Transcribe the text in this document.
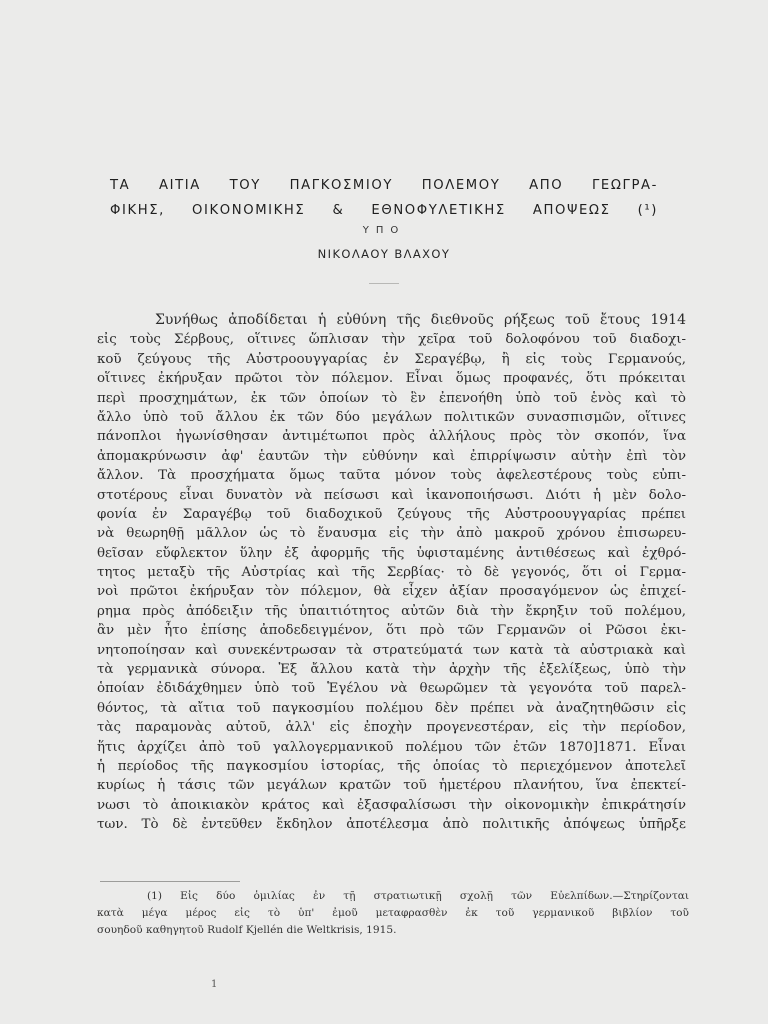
ΤΑ ΑΙΤΙΑ ΤΟΥ ΠΑΓΚΟΣΜΙΟΥ ΠΟΛΕΜΟΥ ΑΠΟ ΓΕΩΓΡΑ-
ΦΙΚΗΣ, ΟΙΚΟΝΟΜΙΚΗΣ & ΕΘΝΟΦΥΛΕΤΙΚΗΣ ΑΠΟΨΕΩΣ (¹)
ΥΠΟ
ΝΙΚΟΛΑΟΥ ΒΛΑΧΟΥ
Συνήθως ἀποδίδεται ἡ εὐθύνη τῆς διεθνοῦς ρήξεως τοῦ ἔτους 1914
εἰς τοὺς Σέρβους, οἵτινες ὥπλισαν τὴν χεῖρα τοῦ δολοφόνου τοῦ διαδοχι-
κοῦ ζεύγους τῆς Αὐστροουγγαρίας ἐν Σεραγέβῳ, ἢ εἰς τοὺς Γερμανούς,
οἵτινες ἐκήρυξαν πρῶτοι τὸν πόλεμον. Εἶναι ὅμως προφανές, ὅτι πρόκειται
περὶ προσχημάτων, ἐκ τῶν ὁποίων τὸ ἓν ἐπενοήθη ὑπὸ τοῦ ἑνὸς καὶ τὸ
ἄλλο ὑπὸ τοῦ ἄλλου ἐκ τῶν δύο μεγάλων πολιτικῶν συνασπισμῶν, οἵτινες
πάνοπλοι ἠγωνίσθησαν ἀντιμέτωποι πρὸς ἀλλήλους πρὸς τὸν σκοπόν, ἵνα
ἀπομακρύνωσιν ἀφ' ἑαυτῶν τὴν εὐθύνην καὶ ἐπιρρίψωσιν αὐτὴν ἐπὶ τὸν
ἄλλον. Τὰ προσχήματα ὅμως ταῦτα μόνον τοὺς ἀφελεστέρους τοὺς εὐπι-
στοτέρους εἶναι δυνατὸν νὰ πείσωσι καὶ ἱκανοποιήσωσι. Διότι ἡ μὲν δολο-
φονία ἐν Σαραγέβῳ τοῦ διαδοχικοῦ ζεύγους τῆς Αὐστροουγγαρίας πρέπει
νὰ θεωρηθῇ μᾶλλον ὡς τὸ ἔναυσμα εἰς τὴν ἀπὸ μακροῦ χρόνου ἐπισωρευ-
θεῖσαν εὔφλεκτον ὕλην ἐξ ἀφορμῆς τῆς ὑφισταμένης ἀντιθέσεως καὶ ἐχθρό-
τητος μεταξὺ τῆς Αὐστρίας καὶ τῆς Σερβίας· τὸ δὲ γεγονός, ὅτι οἱ Γερμα-
νοὶ πρῶτοι ἐκήρυξαν τὸν πόλεμον, θὰ εἶχεν ἀξίαν προσαγόμενον ὡς ἐπιχεί-
ρημα πρὸς ἀπόδειξιν τῆς ὑπαιτιότητος αὐτῶν διὰ τὴν ἔκρηξιν τοῦ πολέμου,
ἂν μὲν ἦτο ἐπίσης ἀποδεδειγμένον, ὅτι πρὸ τῶν Γερμανῶν οἱ Ρῶσοι ἐκι-
νητοποίησαν καὶ συνεκέντρωσαν τὰ στρατεύματά των κατὰ τὰ αὐστριακὰ καὶ
τὰ γερμανικὰ σύνορα. Ἐξ ἄλλου κατὰ τὴν ἀρχὴν τῆς ἐξελίξεως, ὑπὸ τὴν
ὁποίαν ἐδιδάχθημεν ὑπὸ τοῦ Ἑγέλου νὰ θεωρῶμεν τὰ γεγονότα τοῦ παρελ-
θόντος, τὰ αἴτια τοῦ παγκοσμίου πολέμου δὲν πρέπει νὰ ἀναζητηθῶσιν εἰς
τὰς παραμονὰς αὐτοῦ, ἀλλ' εἰς ἐποχὴν προγενεστέραν, εἰς τὴν περίοδον,
ἥτις ἀρχίζει ἀπὸ τοῦ γαλλογερμανικοῦ πολέμου τῶν ἐτῶν 1870]1871. Εἶναι
ἡ περίοδος τῆς παγκοσμίου ἱστορίας, τῆς ὁποίας τὸ περιεχόμενον ἀποτελεῖ
κυρίως ἡ τάσις τῶν μεγάλων κρατῶν τοῦ ἡμετέρου πλανήτου, ἵνα ἐπεκτεί-
νωσι τὸ ἀποικιακὸν κράτος καὶ ἐξασφαλίσωσι τὴν οἰκονομικὴν ἐπικράτησίν
των. Τὸ δὲ ἐντεῦθεν ἔκδηλον ἀποτέλεσμα ἀπὸ πολιτικῆς ἀπόψεως ὑπῆρξε
(1) Εἰς δύο ὁμιλίας ἐν τῇ στρατιωτικῇ σχολῇ τῶν Εὐελπίδων.—Στηρίζονται
κατὰ μέγα μέρος εἰς τὸ ὑπ' ἐμοῦ μεταφρασθὲν ἐκ τοῦ γερμανικοῦ βιβλίον τοῦ
σουηδοῦ καθηγητοῦ Rudolf Kjellén die Weltkrisis, 1915.
1
